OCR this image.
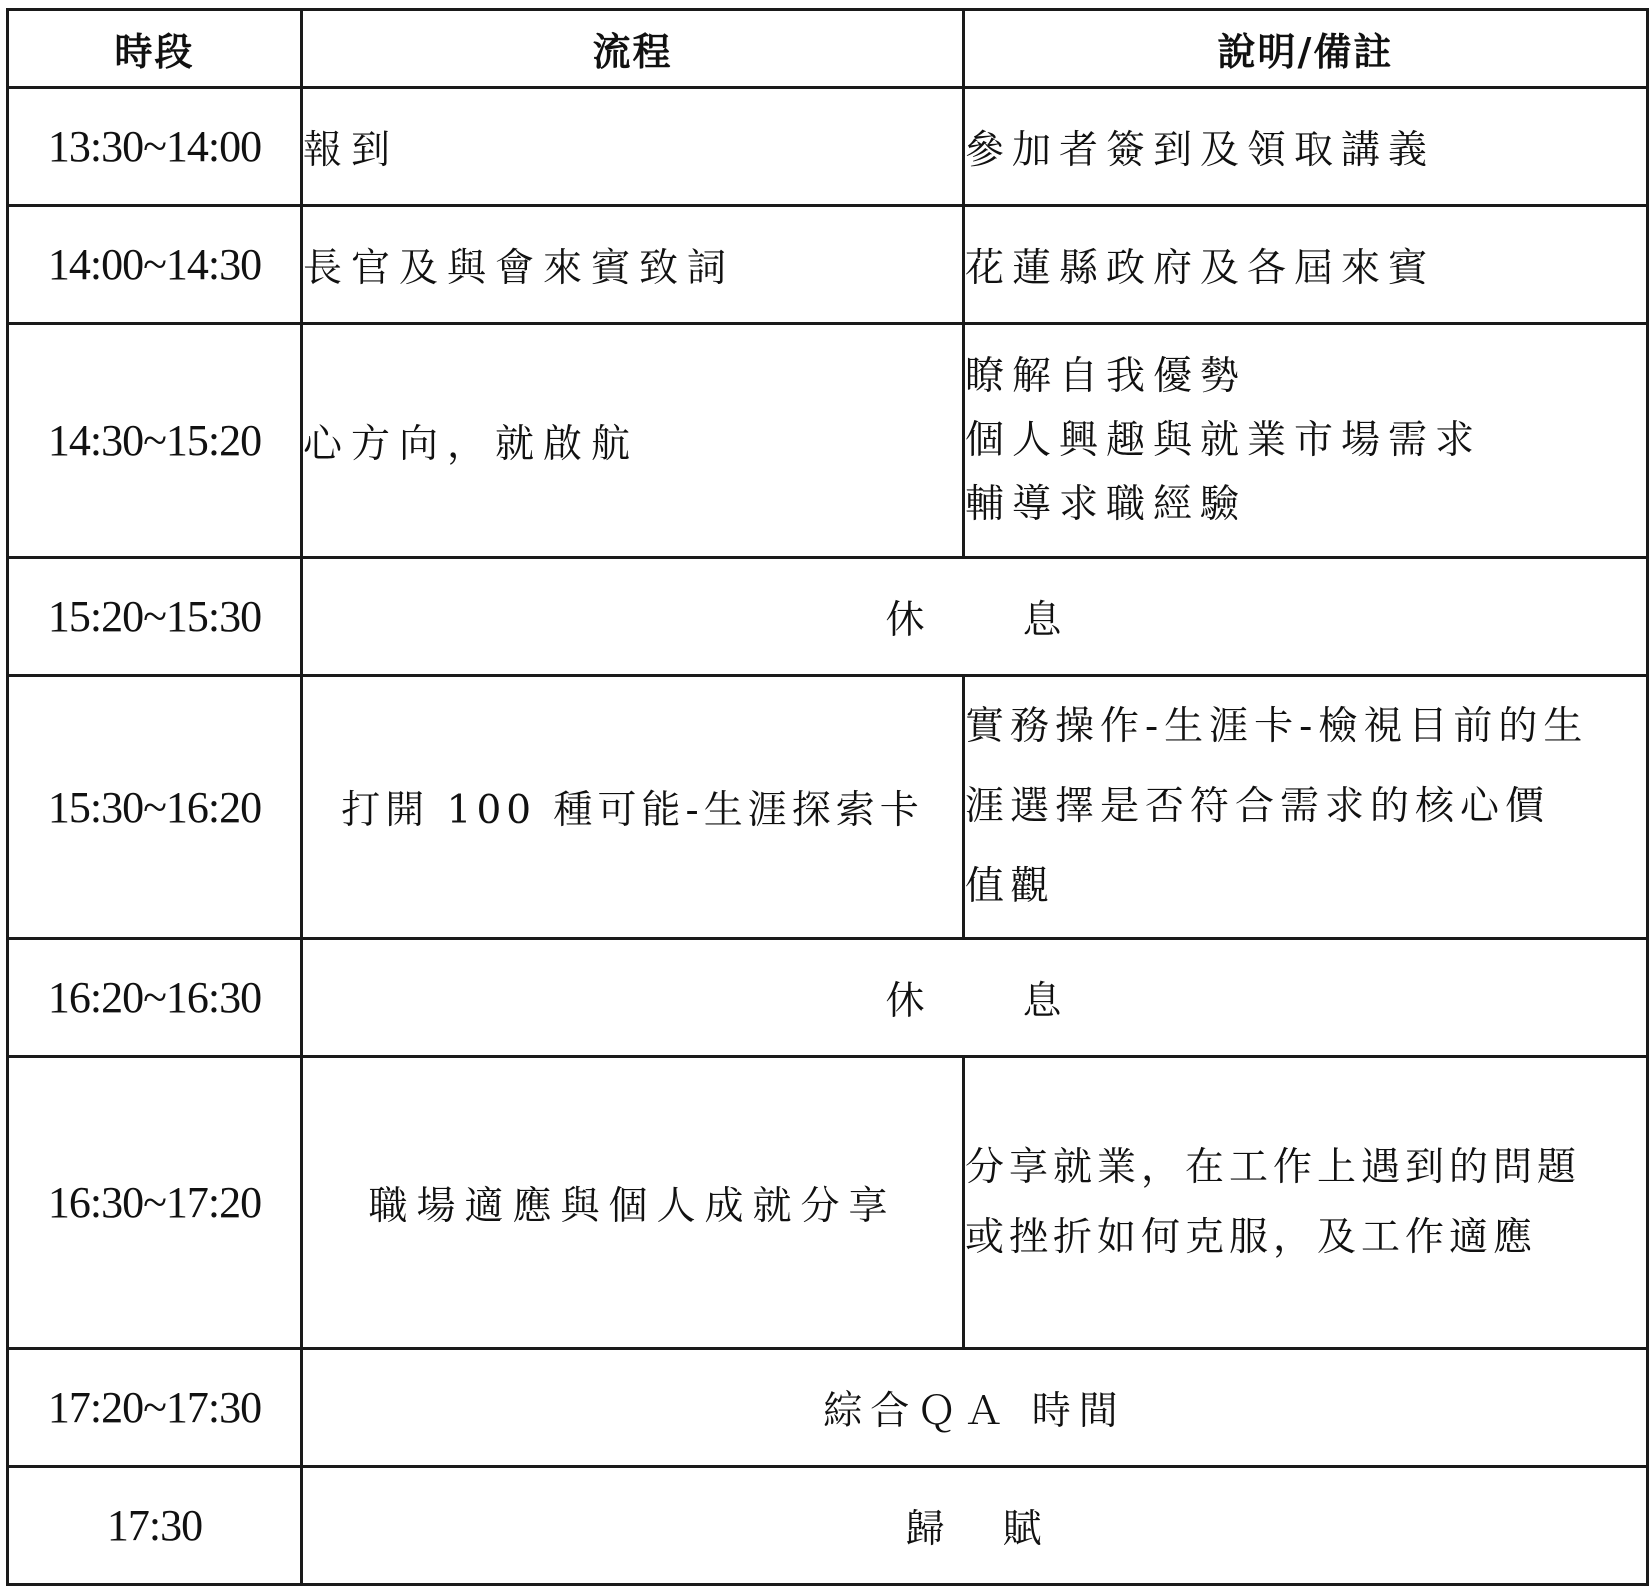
時段	流程	說明/備註
13:30~14:00	報到	參加者簽到及領取講義
14:00~14:30	長官及與會來賓致詞	花蓮縣政府及各屆來賓
14:30~15:20	心方向，就啟航	瞭解自我優勢
個人興趣與就業市場需求
輔導求職經驗

15:20~15:30	休 息	
15:30~16:20	打開 100 種可能-生涯探索卡	實務操作-生涯卡-檢視目前的生
涯選擇是否符合需求的核心價
值觀

16:20~16:30	休 息	
16:30~17:20	職場適應與個人成就分享	分享就業，在工作上遇到的問題
或挫折如何克服，及工作適應

17:20~17:30	綜合ＱＡ 時間	
17:30	歸 賦	
